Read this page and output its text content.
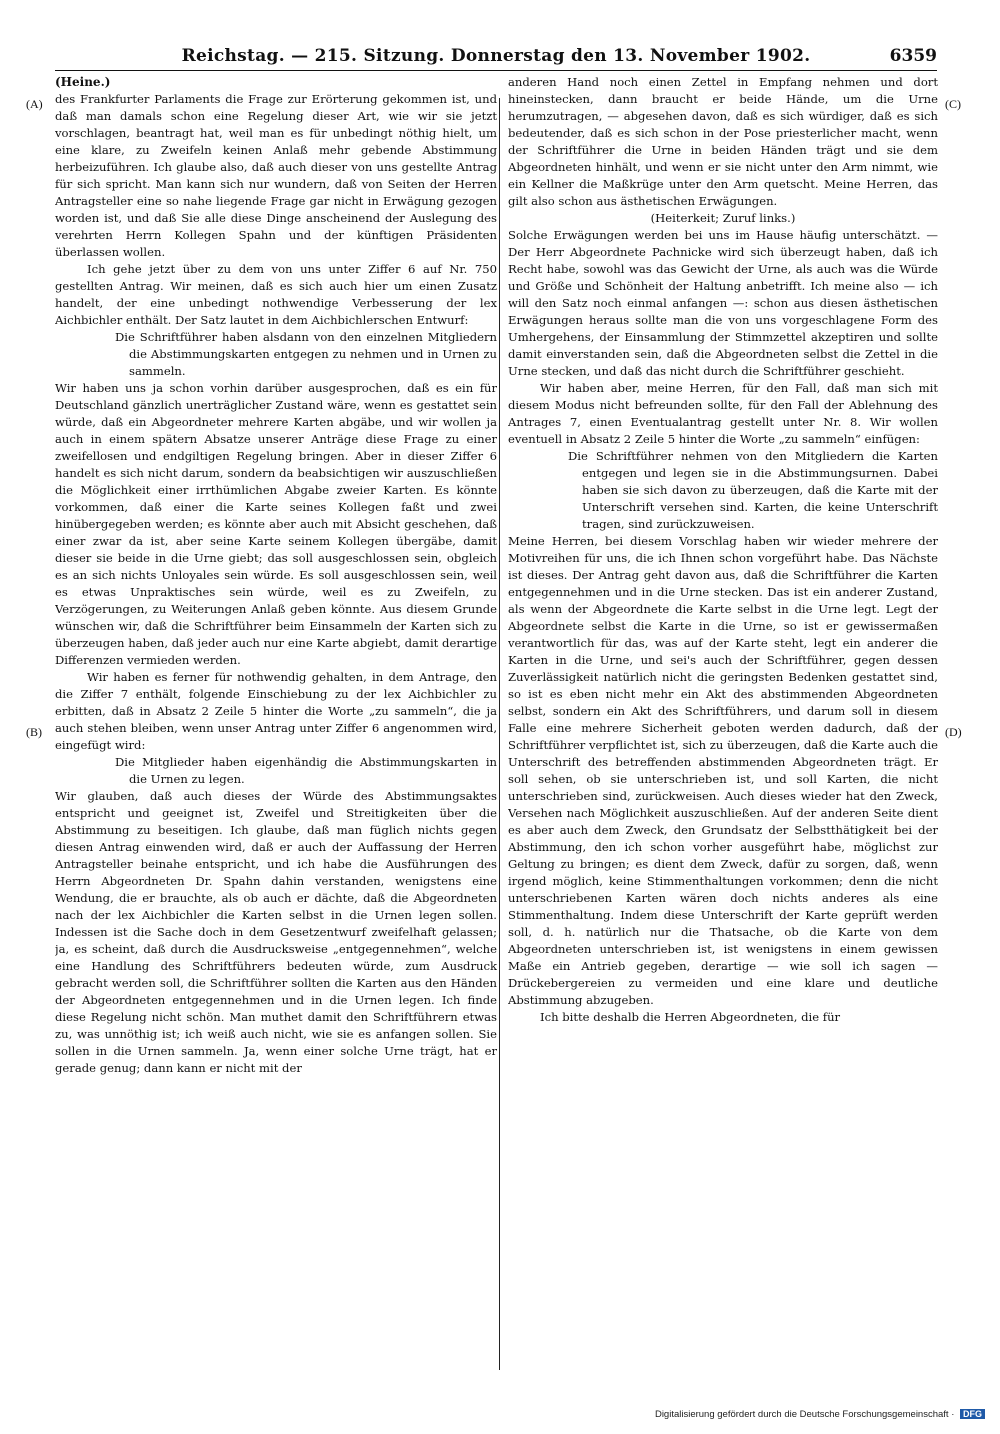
Reichstag. — 215. Sitzung. Donnerstag den 13. November 1902.	6359
(A)
(B)
(C)
(D)

(Heine.)

des Frankfurter Parlaments die Frage zur Erörterung gekommen ist, und daß man damals schon eine Regelung dieser Art, wie wir sie jetzt vorschlagen, beantragt hat, weil man es für unbedingt nöthig hielt, um eine klare, zu Zweifeln keinen Anlaß mehr gebende Abstimmung herbeizuführen. Ich glaube also, daß auch dieser von uns gestellte Antrag für sich spricht. Man kann sich nur wundern, daß von Seiten der Herren Antragsteller eine so nahe liegende Frage gar nicht in Erwägung gezogen worden ist, und daß Sie alle diese Dinge anscheinend der Auslegung des verehrten Herrn Kollegen Spahn und der künftigen Präsidenten überlassen wollen.

Ich gehe jetzt über zu dem von uns unter Ziffer 6 auf Nr. 750 gestellten Antrag. Wir meinen, daß es sich auch hier um einen Zusatz handelt, der eine unbedingt nothwendige Verbesserung der lex Aichbichler enthält. Der Satz lautet in dem Aichbichlerschen Entwurf:

Die Schriftführer haben alsdann von den einzelnen Mitgliedern die Abstimmungskarten entgegen zu nehmen und in Urnen zu sammeln.

Wir haben uns ja schon vorhin darüber ausgesprochen, daß es ein für Deutschland gänzlich unerträglicher Zustand wäre, wenn es gestattet sein würde, daß ein Abgeordneter mehrere Karten abgäbe, und wir wollen ja auch in einem spätern Absatze unserer Anträge diese Frage zu einer zweifellosen und endgiltigen Regelung bringen. Aber in dieser Ziffer 6 handelt es sich nicht darum, sondern da beabsichtigen wir auszuschließen die Möglichkeit einer irrthümlichen Abgabe zweier Karten. Es könnte vorkommen, daß einer die Karte seines Kollegen faßt und zwei hinübergegeben werden; es könnte aber auch mit Absicht geschehen, daß einer zwar da ist, aber seine Karte seinem Kollegen übergäbe, damit dieser sie beide in die Urne giebt; das soll ausgeschlossen sein, obgleich es an sich nichts Unloyales sein würde. Es soll ausgeschlossen sein, weil es etwas Unpraktisches sein würde, weil es zu Zweifeln, zu Verzögerungen, zu Weiterungen Anlaß geben könnte. Aus diesem Grunde wünschen wir, daß die Schriftführer beim Einsammeln der Karten sich zu überzeugen haben, daß jeder auch nur eine Karte abgiebt, damit derartige Differenzen vermieden werden.

Wir haben es ferner für nothwendig gehalten, in dem Antrage, den die Ziffer 7 enthält, folgende Einschiebung zu der lex Aichbichler zu erbitten, daß in Absatz 2 Zeile 5 hinter die Worte „zu sammeln“, die ja auch stehen bleiben, wenn unser Antrag unter Ziffer 6 angenommen wird, eingefügt wird:

Die Mitglieder haben eigenhändig die Abstimmungskarten in die Urnen zu legen.

Wir glauben, daß auch dieses der Würde des Abstimmungsaktes entspricht und geeignet ist, Zweifel und Streitigkeiten über die Abstimmung zu beseitigen. Ich glaube, daß man füglich nichts gegen diesen Antrag einwenden wird, daß er auch der Auffassung der Herren Antragsteller beinahe entspricht, und ich habe die Ausführungen des Herrn Abgeordneten Dr. Spahn dahin verstanden, wenigstens eine Wendung, die er brauchte, als ob auch er dächte, daß die Abgeordneten nach der lex Aichbichler die Karten selbst in die Urnen legen sollen. Indessen ist die Sache doch in dem Gesetzentwurf zweifelhaft gelassen; ja, es scheint, daß durch die Ausdrucksweise „entgegennehmen“, welche eine Handlung des Schriftführers bedeuten würde, zum Ausdruck gebracht werden soll, die Schriftführer sollten die Karten aus den Händen der Abgeordneten entgegennehmen und in die Urnen legen. Ich finde diese Regelung nicht schön. Man muthet damit den Schriftführern etwas zu, was unnöthig ist; ich weiß auch nicht, wie sie es anfangen sollen. Sie sollen in die Urnen sammeln. Ja, wenn einer solche Urne trägt, hat er gerade genug; dann kann er nicht mit der

anderen Hand noch einen Zettel in Empfang nehmen und dort hineinstecken, dann braucht er beide Hände, um die Urne herumzutragen, — abgesehen davon, daß es sich würdiger, daß es sich bedeutender, daß es sich schon in der Pose priesterlicher macht, wenn der Schriftführer die Urne in beiden Händen trägt und sie dem Abgeordneten hinhält, und wenn er sie nicht unter den Arm nimmt, wie ein Kellner die Maßkrüge unter den Arm quetscht. Meine Herren, das gilt also schon aus ästhetischen Erwägungen.

(Heiterkeit; Zuruf links.)

Solche Erwägungen werden bei uns im Hause häufig unterschätzt. — Der Herr Abgeordnete Pachnicke wird sich überzeugt haben, daß ich Recht habe, sowohl was das Gewicht der Urne, als auch was die Würde und Größe und Schönheit der Haltung anbetrifft. Ich meine also — ich will den Satz noch einmal anfangen —: schon aus diesen ästhetischen Erwägungen heraus sollte man die von uns vorgeschlagene Form des Umhergehens, der Einsammlung der Stimmzettel akzeptiren und sollte damit einverstanden sein, daß die Abgeordneten selbst die Zettel in die Urne stecken, und daß das nicht durch die Schriftführer geschieht.

Wir haben aber, meine Herren, für den Fall, daß man sich mit diesem Modus nicht befreunden sollte, für den Fall der Ablehnung des Antrages 7, einen Eventualantrag gestellt unter Nr. 8. Wir wollen eventuell in Absatz 2 Zeile 5 hinter die Worte „zu sammeln“ einfügen:

Die Schriftführer nehmen von den Mitgliedern die Karten entgegen und legen sie in die Abstimmungsurnen. Dabei haben sie sich davon zu überzeugen, daß die Karte mit der Unterschrift versehen sind. Karten, die keine Unterschrift tragen, sind zurückzuweisen.

Meine Herren, bei diesem Vorschlag haben wir wieder mehrere der Motivreihen für uns, die ich Ihnen schon vorgeführt habe. Das Nächste ist dieses. Der Antrag geht davon aus, daß die Schriftführer die Karten entgegennehmen und in die Urne stecken. Das ist ein anderer Zustand, als wenn der Abgeordnete die Karte selbst in die Urne legt. Legt der Abgeordnete selbst die Karte in die Urne, so ist er gewissermaßen verantwortlich für das, was auf der Karte steht, legt ein anderer die Karten in die Urne, und sei's auch der Schriftführer, gegen dessen Zuverlässigkeit natürlich nicht die geringsten Bedenken gestattet sind, so ist es eben nicht mehr ein Akt des abstimmenden Abgeordneten selbst, sondern ein Akt des Schriftführers, und darum soll in diesem Falle eine mehrere Sicherheit geboten werden dadurch, daß der Schriftführer verpflichtet ist, sich zu überzeugen, daß die Karte auch die Unterschrift des betreffenden abstimmenden Abgeordneten trägt. Er soll sehen, ob sie unterschrieben ist, und soll Karten, die nicht unterschrieben sind, zurückweisen. Auch dieses wieder hat den Zweck, Versehen nach Möglichkeit auszuschließen. Auf der anderen Seite dient es aber auch dem Zweck, den Grundsatz der Selbstthätigkeit bei der Abstimmung, den ich schon vorher ausgeführt habe, möglichst zur Geltung zu bringen; es dient dem Zweck, dafür zu sorgen, daß, wenn irgend möglich, keine Stimmenthaltungen vorkommen; denn die nicht unterschriebenen Karten wären doch nichts anderes als eine Stimmenthaltung. Indem diese Unterschrift der Karte geprüft werden soll, d. h. natürlich nur die Thatsache, ob die Karte von dem Abgeordneten unterschrieben ist, ist wenigstens in einem gewissen Maße ein Antrieb gegeben, derartige — wie soll ich sagen — Drückebergereien zu vermeiden und eine klare und deutliche Abstimmung abzugeben.

Ich bitte deshalb die Herren Abgeordneten, die für

Digitalisierung gefördert durch die Deutsche Forschungsgemeinschaft · DFG
